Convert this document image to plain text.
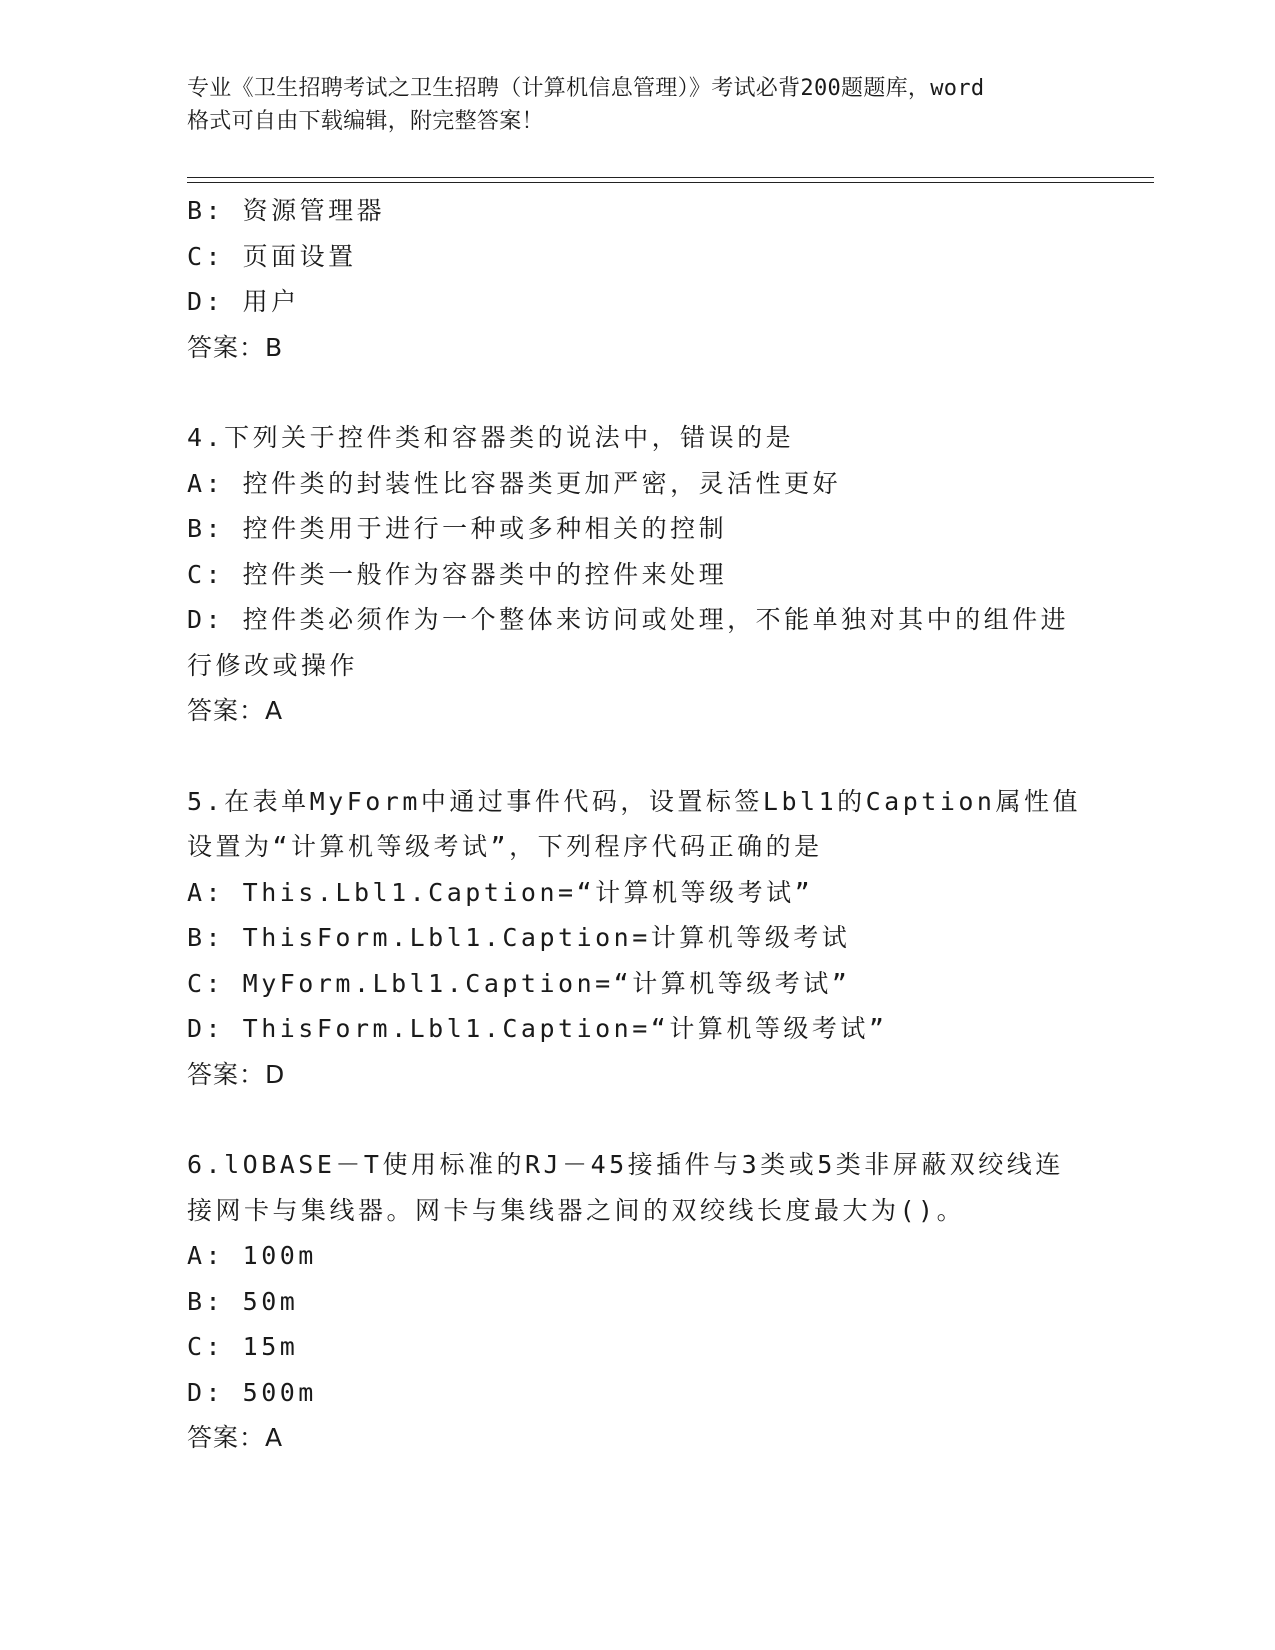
专业《卫生招聘考试之卫生招聘（计算机信息管理）》考试必背200题题库，word
格式可自由下载编辑，附完整答案！

B: 资源管理器

C: 页面设置

D: 用户

答案：B

4.下列关于控件类和容器类的说法中，错误的是

A: 控件类的封装性比容器类更加严密，灵活性更好

B: 控件类用于进行一种或多种相关的控制

C: 控件类一般作为容器类中的控件来处理

D: 控件类必须作为一个整体来访问或处理，不能单独对其中的组件进

行修改或操作

答案：A

5.在表单MyForm中通过事件代码，设置标签Lbl1的Caption属性值

设置为“计算机等级考试”，下列程序代码正确的是

A: This.Lbl1.Caption=“计算机等级考试”

B: ThisForm.Lbl1.Caption=计算机等级考试

C: MyForm.Lbl1.Caption=“计算机等级考试”

D: ThisForm.Lbl1.Caption=“计算机等级考试”

答案：D

6.lOBASE－T使用标准的RJ－45接插件与3类或5类非屏蔽双绞线连

接网卡与集线器。网卡与集线器之间的双绞线长度最大为()。

A: 100m

B: 50m

C: 15m

D: 500m

答案：A
